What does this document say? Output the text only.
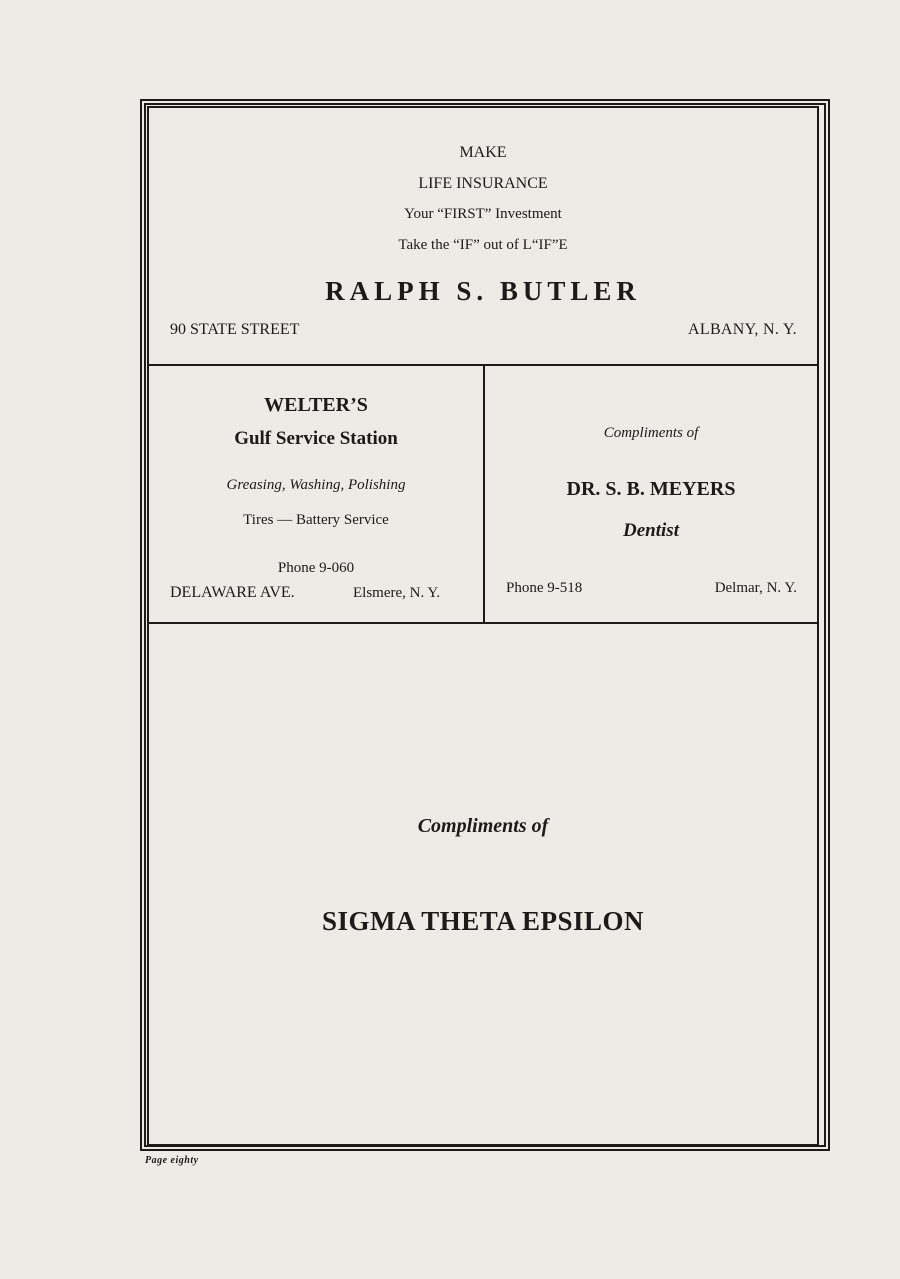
MAKE
LIFE INSURANCE
Your “FIRST” Investment
Take the “IF” out of L“IF”E
RALPH S. BUTLER
90 STATE STREET	ALBANY, N. Y.
WELTER’S
Gulf Service Station
Greasing, Washing, Polishing
Tires — Battery Service
Phone 9-060
DELAWARE AVE.	Elsmere, N. Y.
Compliments of
DR. S. B. MEYERS
Dentist
Phone 9-518	Delmar, N. Y.
Compliments of
SIGMA THETA EPSILON
Page eighty
